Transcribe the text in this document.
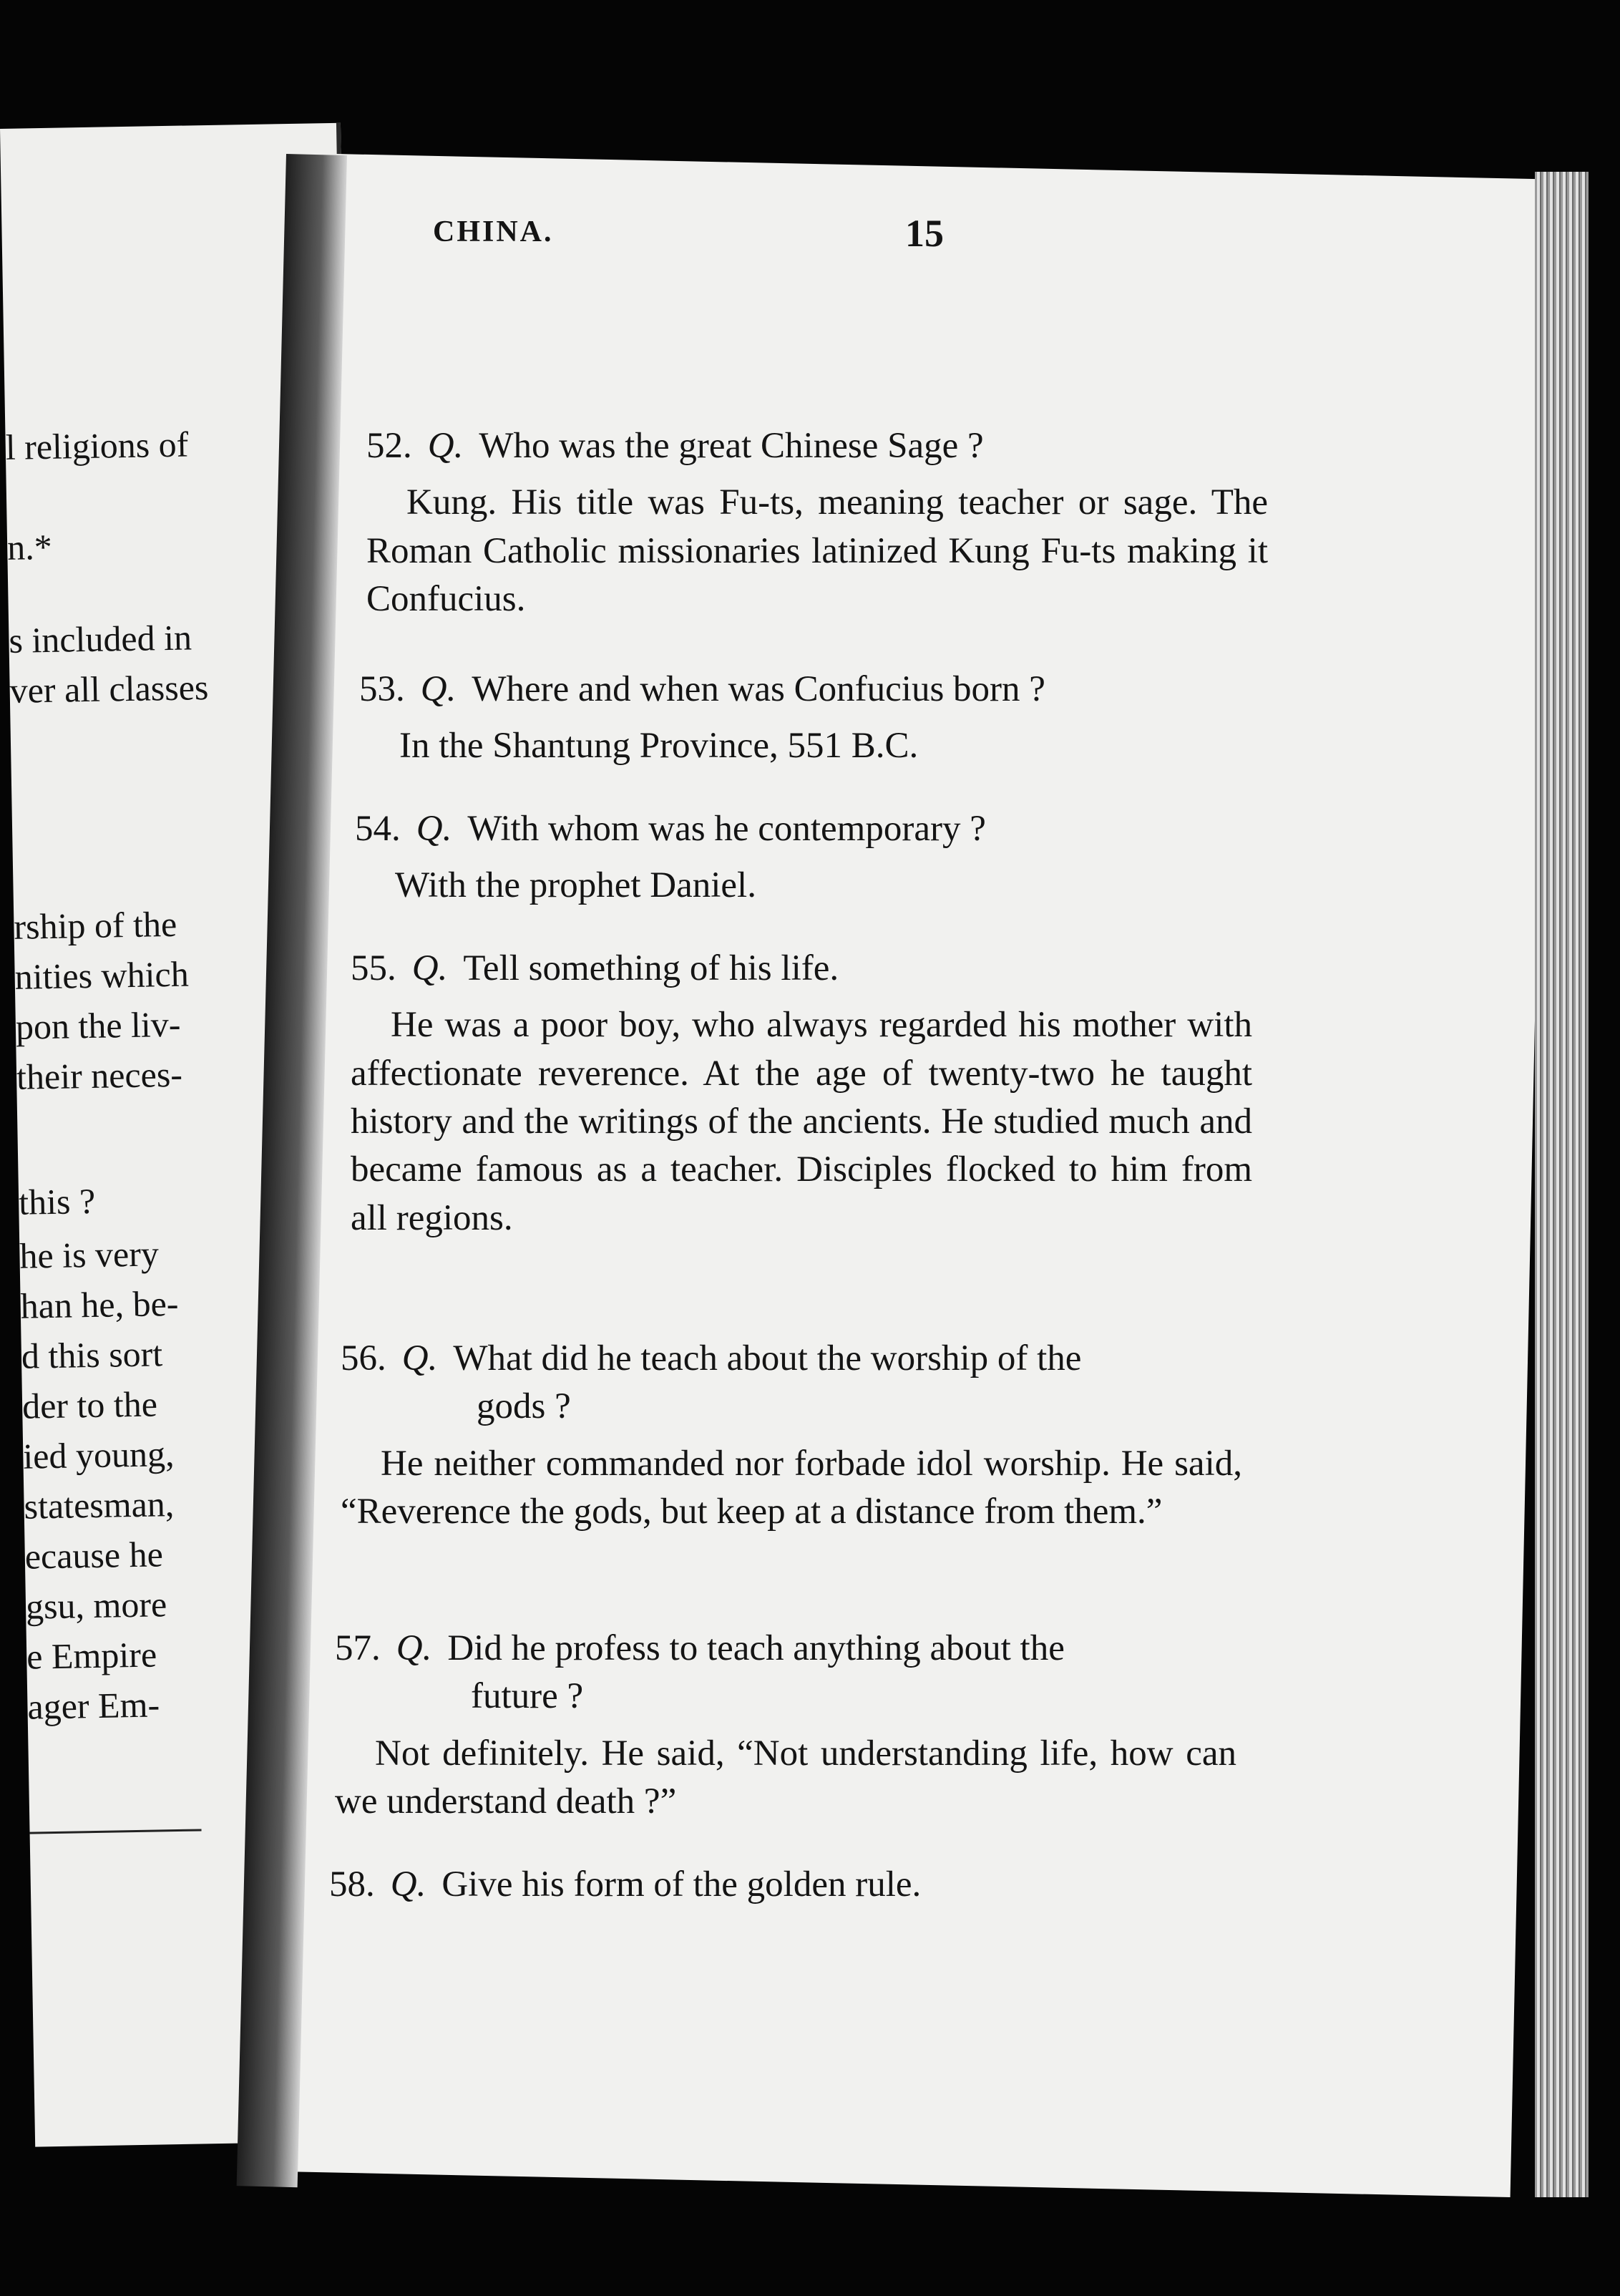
l religions of
n.*
s included in
ver all classes
rship of the
nities which
pon the liv-
their neces-
this ?
he is very
han he, be-
d this sort
der to the
ied young,
statesman,
ecause he
gsu, more
e Empire
ager Em-
CHINA.	15
52. Q. Who was the great Chinese Sage ?
Kung. His title was Fu-ts, meaning teacher or sage. The Roman Catholic missionaries latinized Kung Fu-ts making it Confucius.
53. Q. Where and when was Confucius born ?
In the Shantung Province, 551 B.C.
54. Q. With whom was he contemporary ?
With the prophet Daniel.
55. Q. Tell something of his life.
He was a poor boy, who always regarded his mother with affectionate reverence. At the age of twenty-two he taught history and the writings of the ancients. He studied much and became famous as a teacher. Disciples flocked to him from all regions.
56. Q. What did he teach about the worship of the
gods ?
He neither commanded nor forbade idol worship. He said, “Reverence the gods, but keep at a distance from them.”
57. Q. Did he profess to teach anything about the
future ?
Not definitely. He said, “Not understanding life, how can we understand death ?”
58. Q. Give his form of the golden rule.
